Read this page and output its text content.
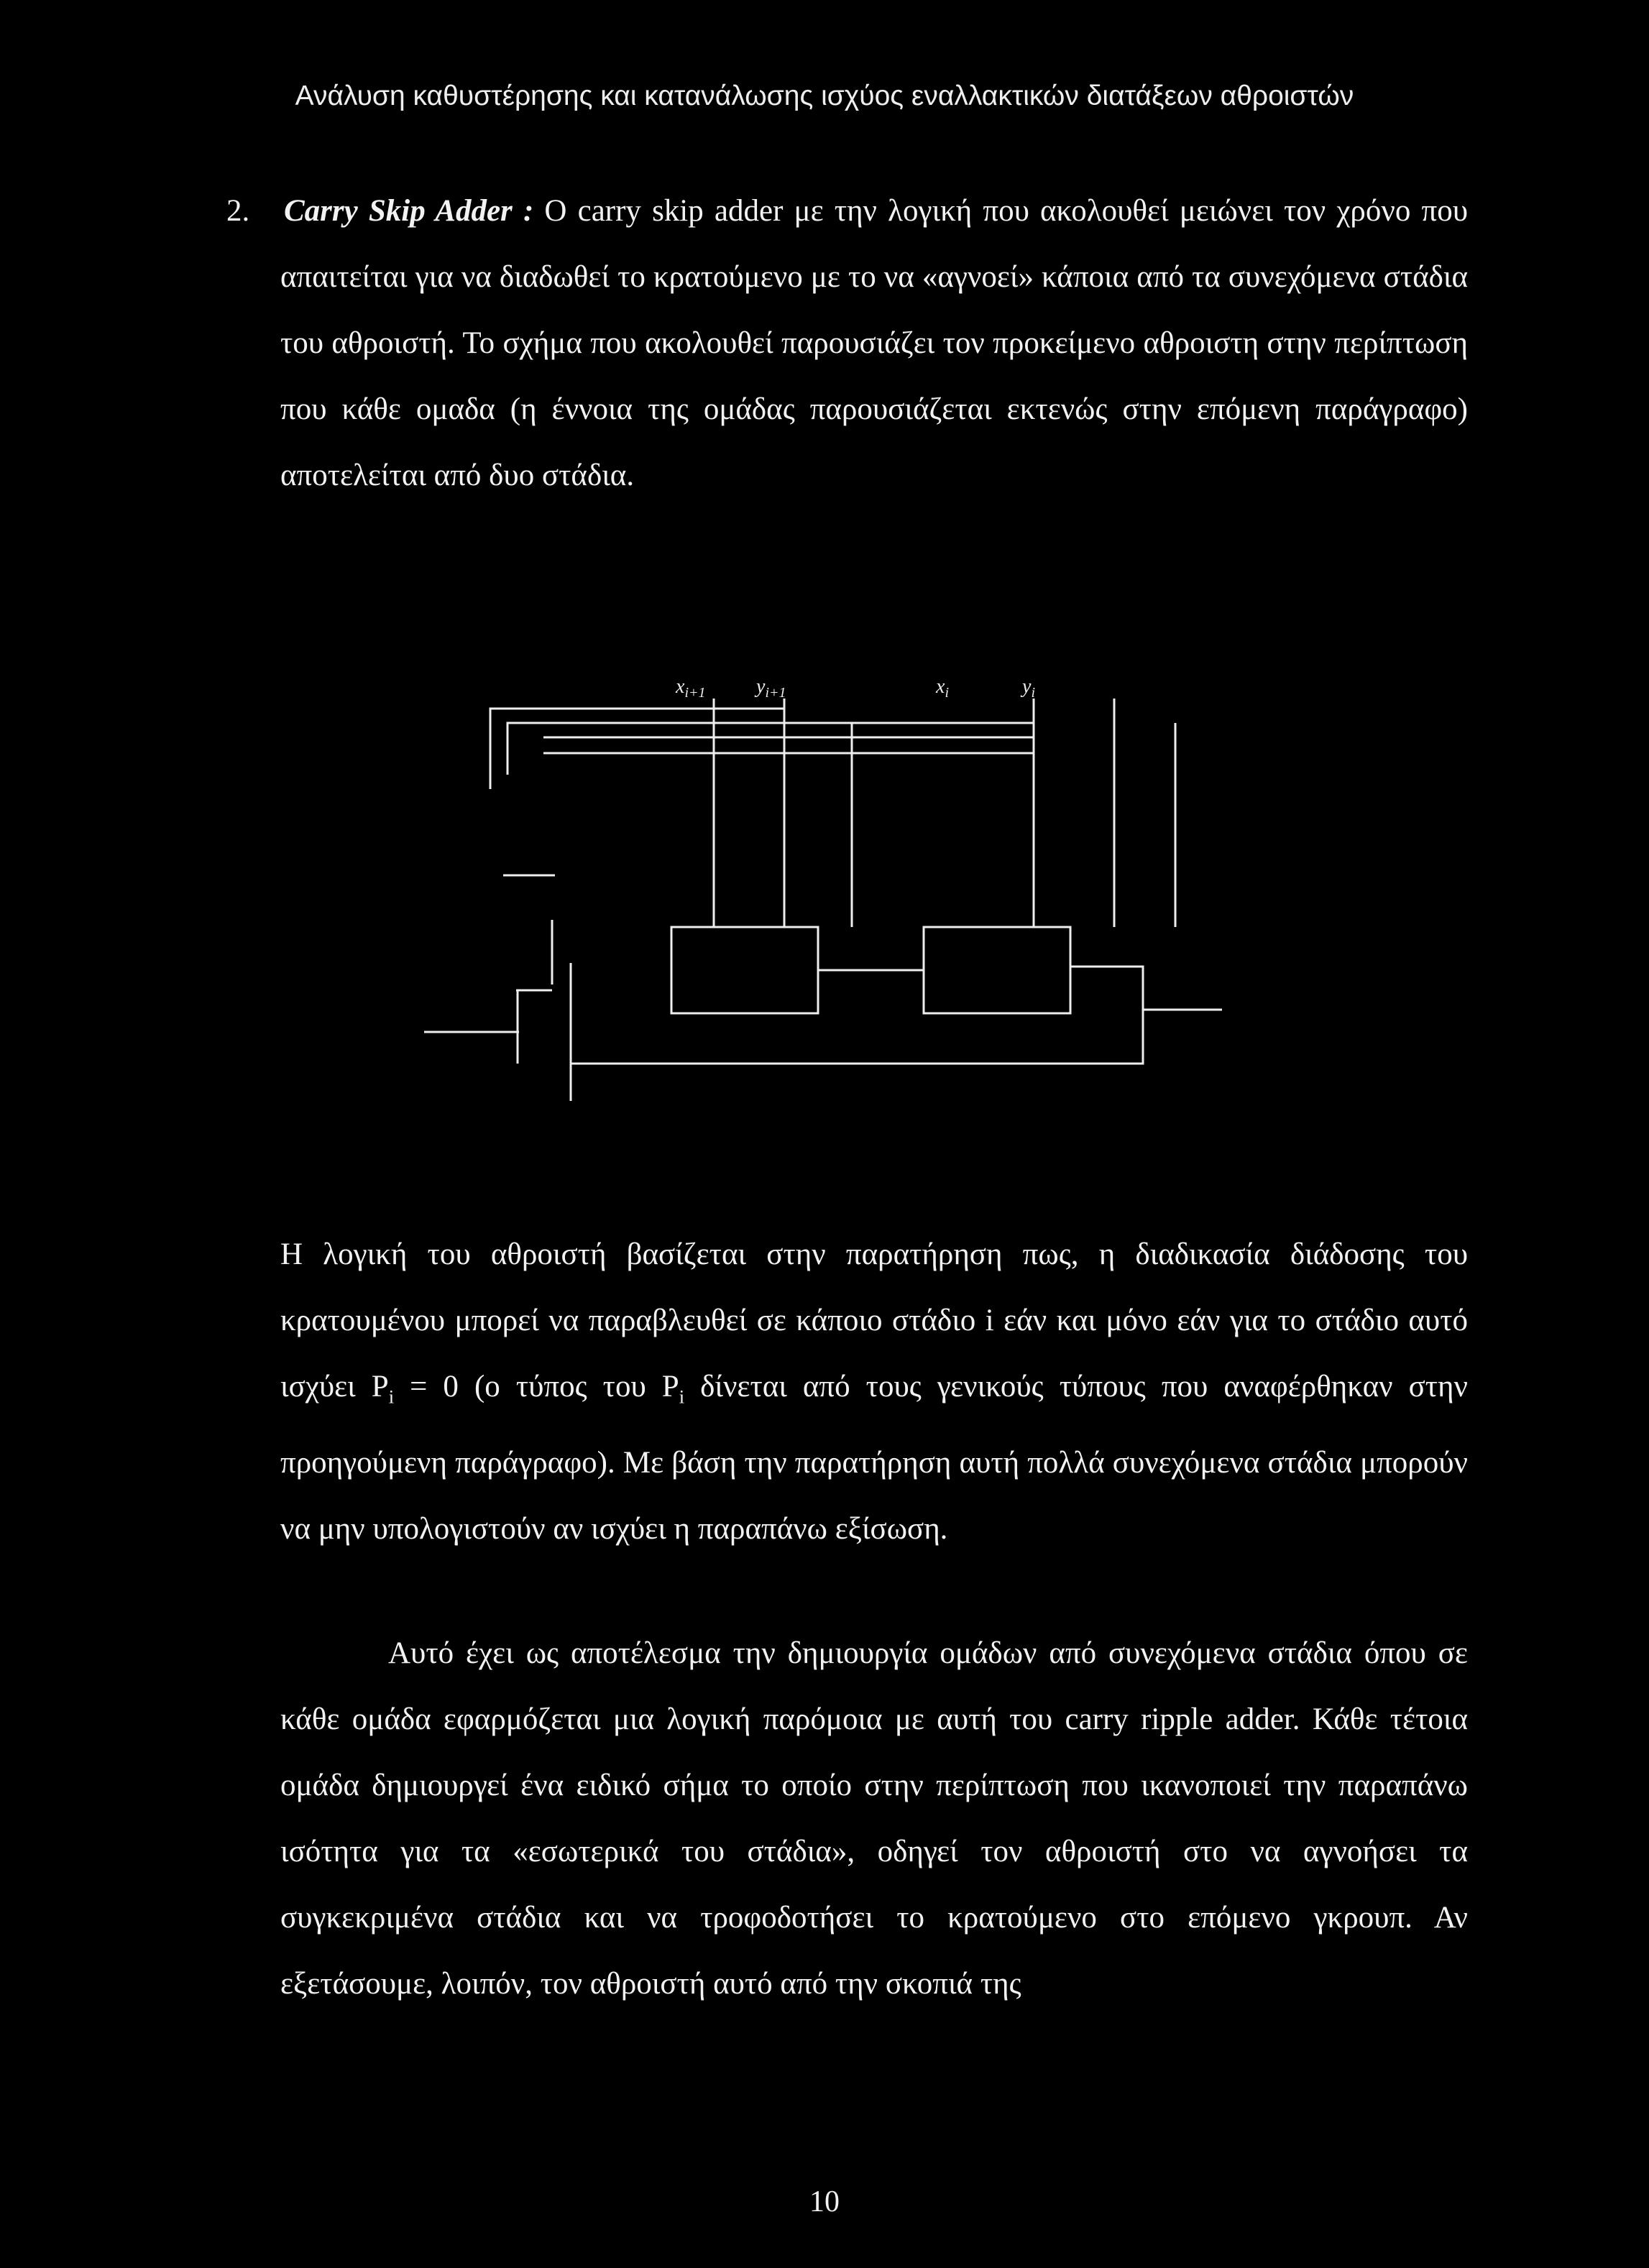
Ανάλυση καθυστέρησης και κατανάλωσης ισχύος εναλλακτικών διατάξεων αθροιστών

2. Carry Skip Adder : Ο carry skip adder με την λογική που ακολουθεί μειώνει τον χρόνο που απαιτείται για να διαδωθεί το κρατούμενο με το να «αγνοεί» κάποια από τα συνεχόμενα στάδια του αθροιστή. Το σχήμα που ακολουθεί παρουσιάζει τον προκείμενο αθροιστη στην περίπτωση που κάθε ομαδα (η έννοια της ομάδας παρουσιάζεται εκτενώς στην επόμενη παράγραφο) αποτελείται από δυο στάδια.

$x_{i+1}$	$y_{i+1}$	$x_i$	$y_i$

Η λογική του αθροιστή βασίζεται στην παρατήρηση πως, η διαδικασία διάδοσης του κρατουμένου μπορεί να παραβλευθεί σε κάποιο στάδιο i εάν και μόνο εάν για το στάδιο αυτό ισχύει $P_i = 0$ (ο τύπος του $P_i$ δίνεται από τους γενικούς τύπους που αναφέρθηκαν στην προηγούμενη παράγραφο). Με βάση την παρατήρηση αυτή πολλά συνεχόμενα στάδια μπορούν να μην υπολογιστούν αν ισχύει η παραπάνω εξίσωση.

Αυτό έχει ως αποτέλεσμα την δημιουργία ομάδων από συνεχόμενα στάδια όπου σε κάθε ομάδα εφαρμόζεται μια λογική παρόμοια με αυτή του carry ripple adder. Κάθε τέτοια ομάδα δημιουργεί ένα ειδικό σήμα το οποίο στην περίπτωση που ικανοποιεί την παραπάνω ισότητα για τα «εσωτερικά του στάδια», οδηγεί τον αθροιστή στο να αγνοήσει τα συγκεκριμένα στάδια και να τροφοδοτήσει το κρατούμενο στο επόμενο γκρουπ. Αν εξετάσουμε, λοιπόν, τον αθροιστή αυτό από την σκοπιά της

10
